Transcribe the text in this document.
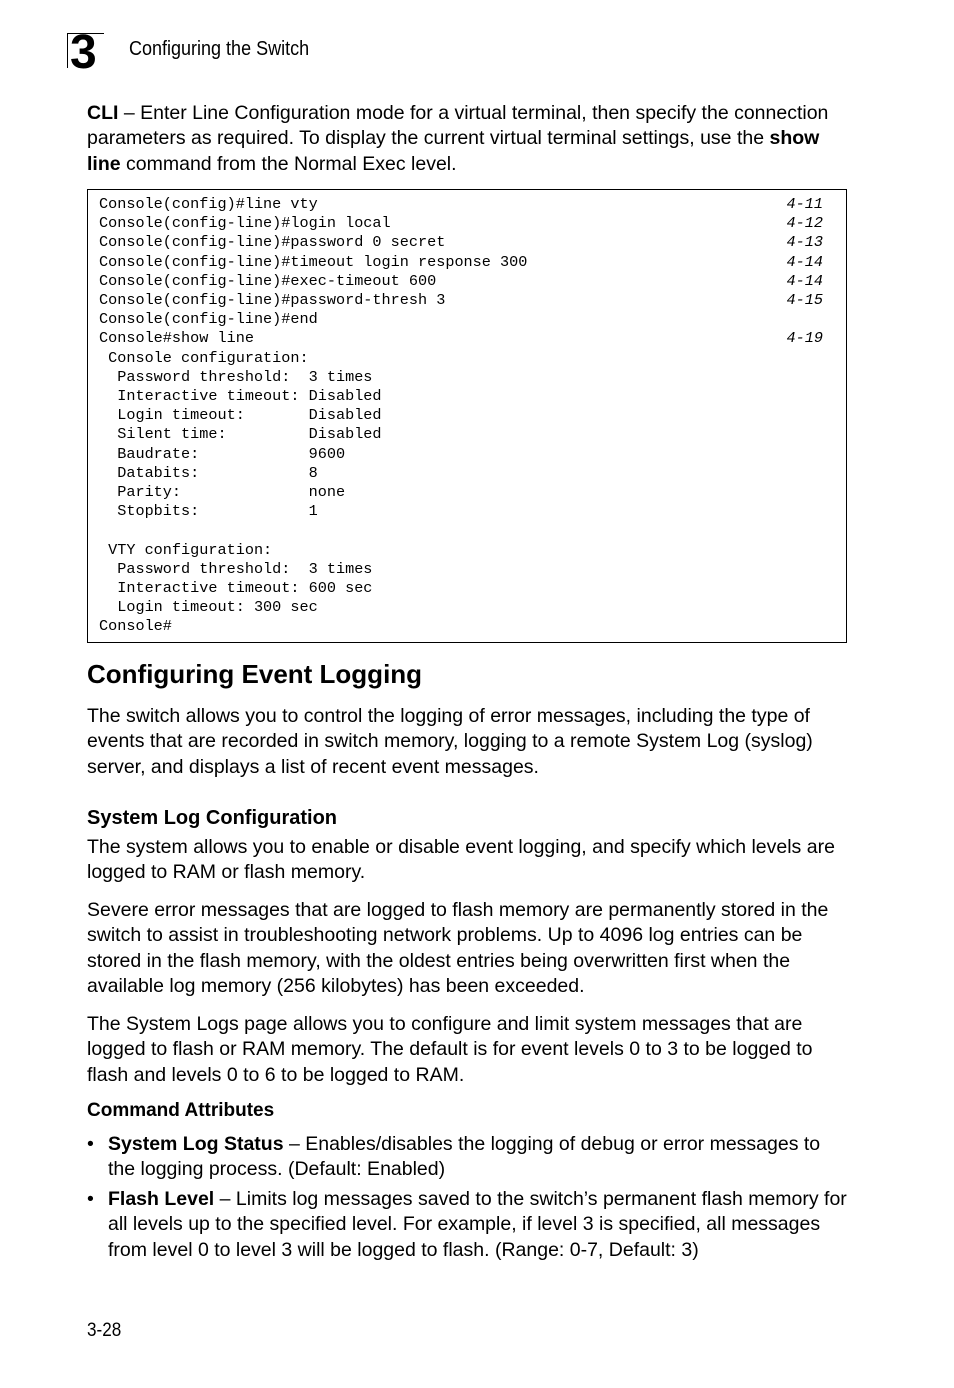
3 Configuring the Switch

CLI – Enter Line Configuration mode for a virtual terminal, then specify the connection parameters as required. To display the current virtual terminal settings, use the show line command from the Normal Exec level.

Console(config)#line vty	4-11
Console(config-line)#login local	4-12
Console(config-line)#password 0 secret	4-13
Console(config-line)#timeout login response 300	4-14
Console(config-line)#exec-timeout 600	4-14
Console(config-line)#password-thresh 3	4-15
Console(config-line)#end
Console#show line	4-19
Console configuration:
Password threshold:  3 times
Interactive timeout: Disabled
Login timeout:       Disabled
Silent time:         Disabled
Baudrate:            9600
Databits:            8
Parity:              none
Stopbits:            1
VTY configuration:
Password threshold:  3 times
Interactive timeout: 600 sec
Login timeout: 300 sec
Console#
Configuring Event Logging

The switch allows you to control the logging of error messages, including the type of events that are recorded in switch memory, logging to a remote System Log (syslog) server, and displays a list of recent event messages.

System Log Configuration

The system allows you to enable or disable event logging, and specify which levels are logged to RAM or flash memory.

Severe error messages that are logged to flash memory are permanently stored in the switch to assist in troubleshooting network problems. Up to 4096 log entries can be stored in the flash memory, with the oldest entries being overwritten first when the available log memory (256 kilobytes) has been exceeded.

The System Logs page allows you to configure and limit system messages that are logged to flash or RAM memory. The default is for event levels 0 to 3 to be logged to flash and levels 0 to 6 to be logged to RAM.

Command Attributes
• System Log Status – Enables/disables the logging of debug or error messages to the logging process. (Default: Enabled)
• Flash Level – Limits log messages saved to the switch’s permanent flash memory for all levels up to the specified level. For example, if level 3 is specified, all messages from level 0 to level 3 will be logged to flash. (Range: 0-7, Default: 3)
3-28
